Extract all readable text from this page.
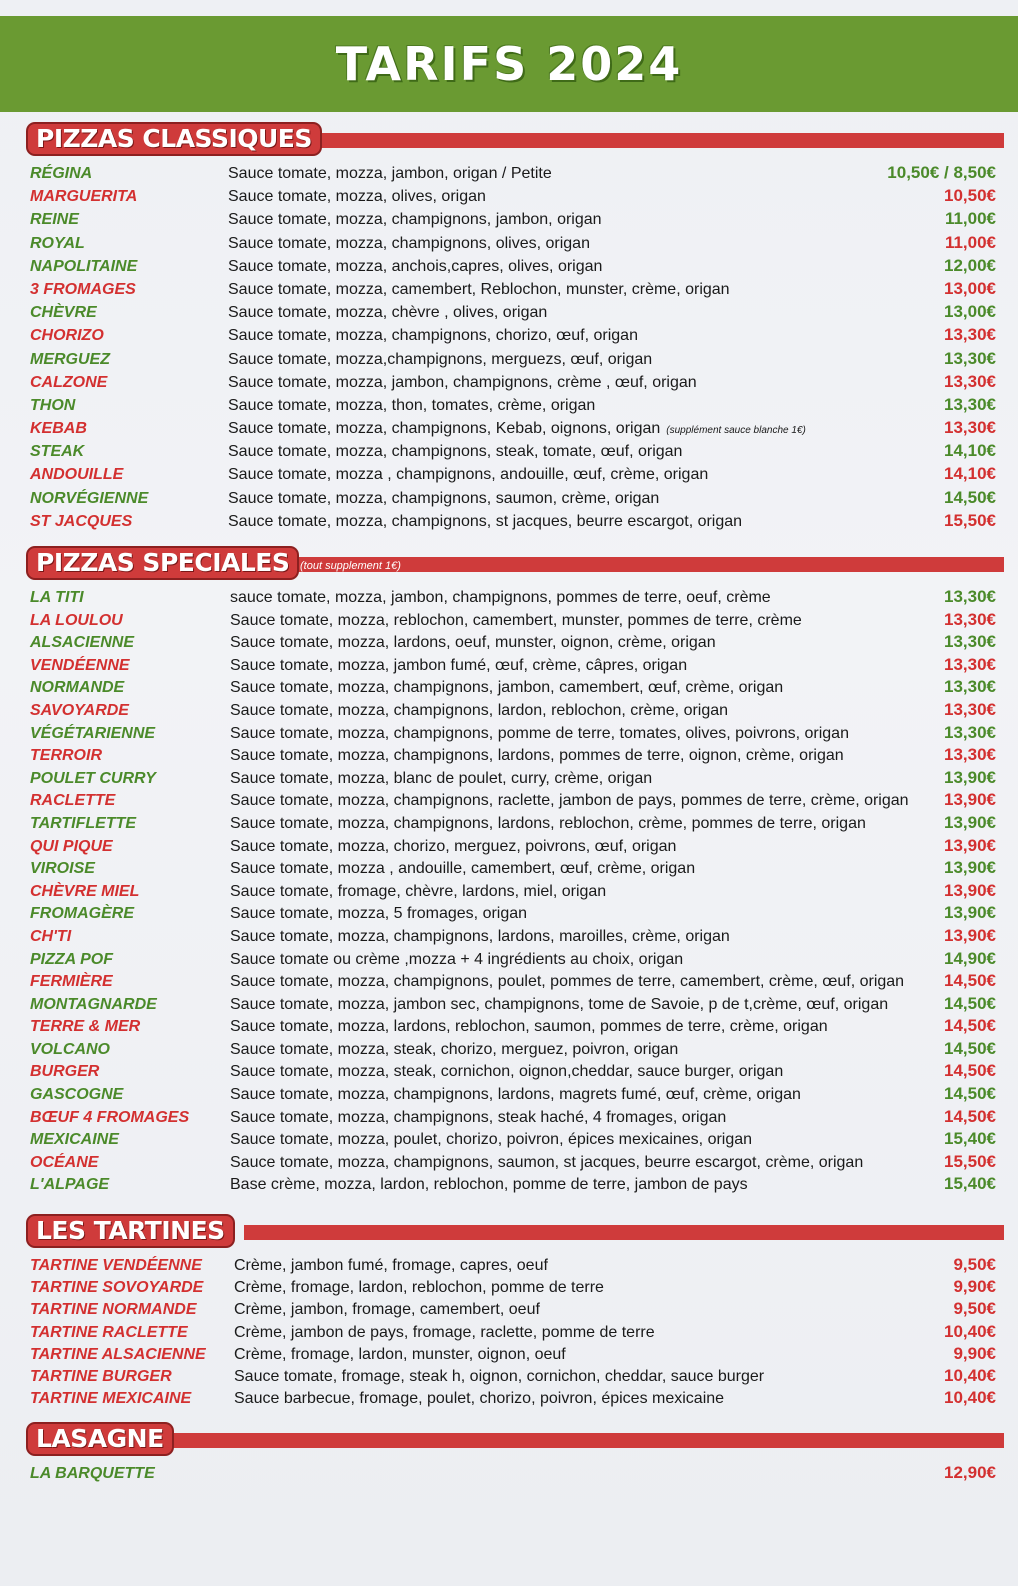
TARIFS 2024
PIZZAS CLASSIQUES
RÉGINA	Sauce tomate, mozza, jambon, origan / Petite	10,50€ / 8,50€
MARGUERITA	Sauce tomate, mozza, olives, origan	10,50€
REINE	Sauce tomate, mozza, champignons, jambon, origan	11,00€
ROYAL	Sauce tomate, mozza, champignons, olives, origan	11,00€
NAPOLITAINE	Sauce tomate, mozza, anchois,capres, olives, origan	12,00€
3 FROMAGES	Sauce tomate, mozza, camembert, Reblochon, munster, crème, origan	13,00€
CHÈVRE	Sauce tomate, mozza, chèvre , olives, origan	13,00€
CHORIZO	Sauce tomate, mozza, champignons, chorizo, œuf, origan	13,30€
MERGUEZ	Sauce tomate, mozza,champignons, merguezs, œuf, origan	13,30€
CALZONE	Sauce tomate, mozza, jambon, champignons, crème , œuf, origan	13,30€
THON	Sauce tomate, mozza, thon, tomates, crème, origan	13,30€
KEBAB	Sauce tomate, mozza, champignons, Kebab, oignons, origan (supplément sauce blanche 1€)	13,30€
STEAK	Sauce tomate, mozza, champignons, steak, tomate, œuf, origan	14,10€
ANDOUILLE	Sauce tomate, mozza , champignons, andouille, œuf, crème, origan	14,10€
NORVÉGIENNE	Sauce tomate, mozza, champignons, saumon, crème, origan	14,50€
ST JACQUES	Sauce tomate, mozza, champignons, st jacques, beurre escargot, origan	15,50€
PIZZAS SPECIALES (tout supplement 1€)
LA TITI	sauce tomate, mozza, jambon, champignons, pommes de terre, oeuf, crème	13,30€
LA LOULOU	Sauce tomate, mozza, reblochon, camembert, munster, pommes de terre, crème	13,30€
ALSACIENNE	Sauce tomate, mozza, lardons, oeuf, munster, oignon, crème, origan	13,30€
VENDÉENNE	Sauce tomate, mozza, jambon fumé, œuf, crème, câpres, origan	13,30€
NORMANDE	Sauce tomate, mozza, champignons, jambon, camembert, œuf, crème, origan	13,30€
SAVOYARDE	Sauce tomate, mozza, champignons, lardon, reblochon, crème, origan	13,30€
VÉGÉTARIENNE	Sauce tomate, mozza, champignons, pomme de terre, tomates, olives, poivrons, origan	13,30€
TERROIR	Sauce tomate, mozza, champignons, lardons, pommes de terre, oignon, crème, origan	13,30€
POULET CURRY	Sauce tomate, mozza, blanc de poulet, curry, crème, origan	13,90€
RACLETTE	Sauce tomate, mozza, champignons, raclette, jambon de pays, pommes de terre, crème, origan 13,90€
TARTIFLETTE	Sauce tomate, mozza, champignons, lardons, reblochon, crème, pommes de terre, origan	13,90€
QUI PIQUE	Sauce tomate, mozza, chorizo, merguez, poivrons, œuf, origan	13,90€
VIROISE	Sauce tomate, mozza , andouille, camembert, œuf, crème, origan	13,90€
CHÈVRE MIEL	Sauce tomate, fromage, chèvre, lardons, miel, origan	13,90€
FROMAGÈRE	Sauce tomate, mozza, 5 fromages, origan	13,90€
CH'TI	Sauce tomate, mozza, champignons, lardons, maroilles, crème, origan	13,90€
PIZZA POF	Sauce tomate ou crème ,mozza + 4 ingrédients au choix, origan	14,90€
FERMIÈRE	Sauce tomate, mozza, champignons, poulet, pommes de terre, camembert, crème, œuf, origan 14,50€
MONTAGNARDE	Sauce tomate, mozza, jambon sec, champignons, tome de Savoie, p de t,crème, œuf, origan	14,50€
TERRE & MER	Sauce tomate, mozza, lardons, reblochon, saumon, pommes de terre, crème, origan	14,50€
VOLCANO	Sauce tomate, mozza, steak, chorizo, merguez, poivron, origan	14,50€
BURGER	Sauce tomate, mozza, steak, cornichon, oignon,cheddar, sauce burger, origan	14,50€
GASCOGNE	Sauce tomate, mozza, champignons, lardons, magrets fumé, œuf, crème, origan	14,50€
BŒUF 4 FROMAGES	Sauce tomate, mozza, champignons, steak haché, 4 fromages, origan	14,50€
MEXICAINE	Sauce tomate, mozza, poulet, chorizo, poivron, épices mexicaines, origan	15,40€
OCÉANE	Sauce tomate, mozza, champignons, saumon, st jacques, beurre escargot, crème, origan	15,50€
L'ALPAGE	Base crème, mozza, lardon, reblochon, pomme de terre, jambon de pays	15,40€
LES TARTINES
TARTINE VENDÉENNE Crème, jambon fumé, fromage, capres, oeuf	9,50€
TARTINE SOVOYARDE Crème, fromage, lardon, reblochon, pomme de terre	9,90€
TARTINE NORMANDE Crème, jambon, fromage, camembert, oeuf	9,50€
TARTINE RACLETTE	Crème, jambon de pays, fromage, raclette, pomme de terre	10,40€
TARTINE ALSACIENNE Crème, fromage, lardon, munster, oignon, oeuf	9,90€
TARTINE BURGER	Sauce tomate, fromage, steak h, oignon, cornichon, cheddar, sauce burger	10,40€
TARTINE MEXICAINE	Sauce barbecue, fromage, poulet, chorizo, poivron, épices mexicaine	10,40€
LASAGNE
LA BARQUETTE	12,90€
